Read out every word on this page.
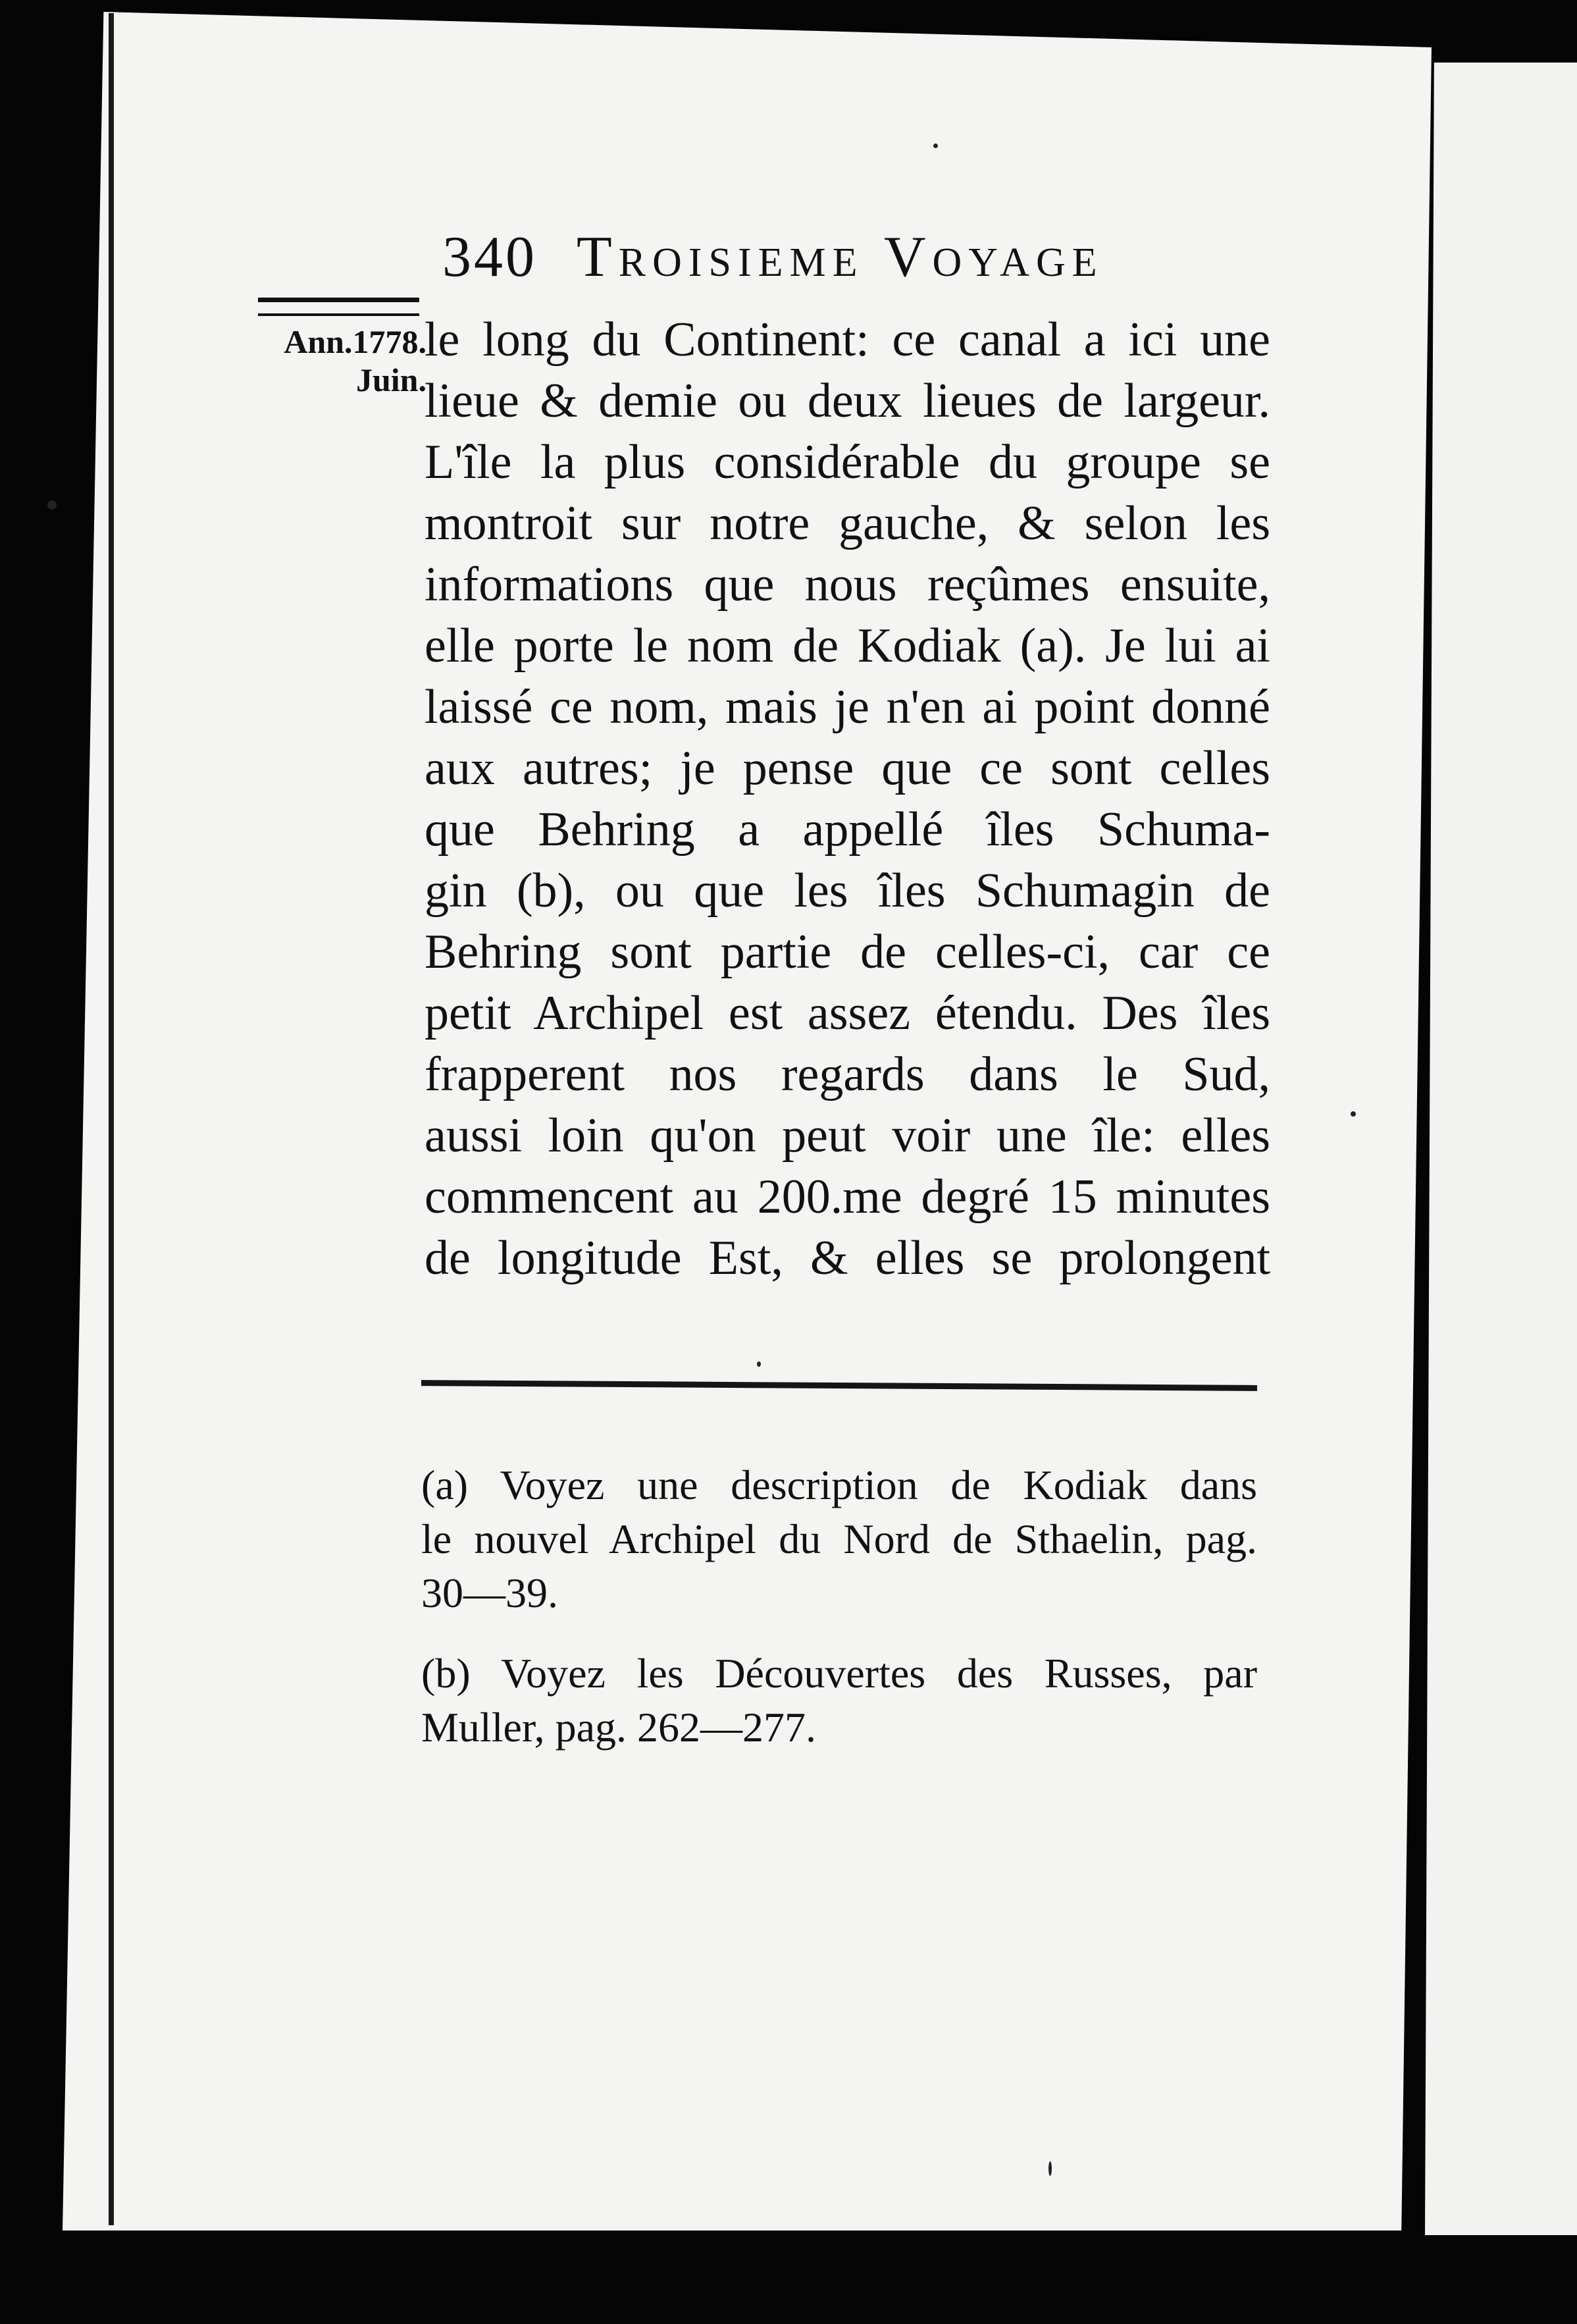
340 Troisieme Voyage
Ann.1778.
Juin.
le long du Continent: ce canal a ici une
lieue & demie ou deux lieues de largeur.
L'île la plus considérable du groupe se
montroit sur notre gauche, & selon les
informations que nous reçûmes ensuite,
elle porte le nom de Kodiak (a). Je lui ai
laissé ce nom, mais je n'en ai point donné
aux autres; je pense que ce sont celles
que Behring a appellé îles Schuma-
gin (b), ou que les îles Schumagin de
Behring sont partie de celles-ci, car ce
petit Archipel est assez étendu. Des îles
frapperent nos regards dans le Sud,
aussi loin qu'on peut voir une île: elles
commencent au 200.me degré 15 minutes
de longitude Est, & elles se prolongent
(a) Voyez une description de Kodiak dans
le nouvel Archipel du Nord de Sthaelin, pag.
30—39.
(b) Voyez les Découvertes des Russes, par
Muller, pag. 262—277.
